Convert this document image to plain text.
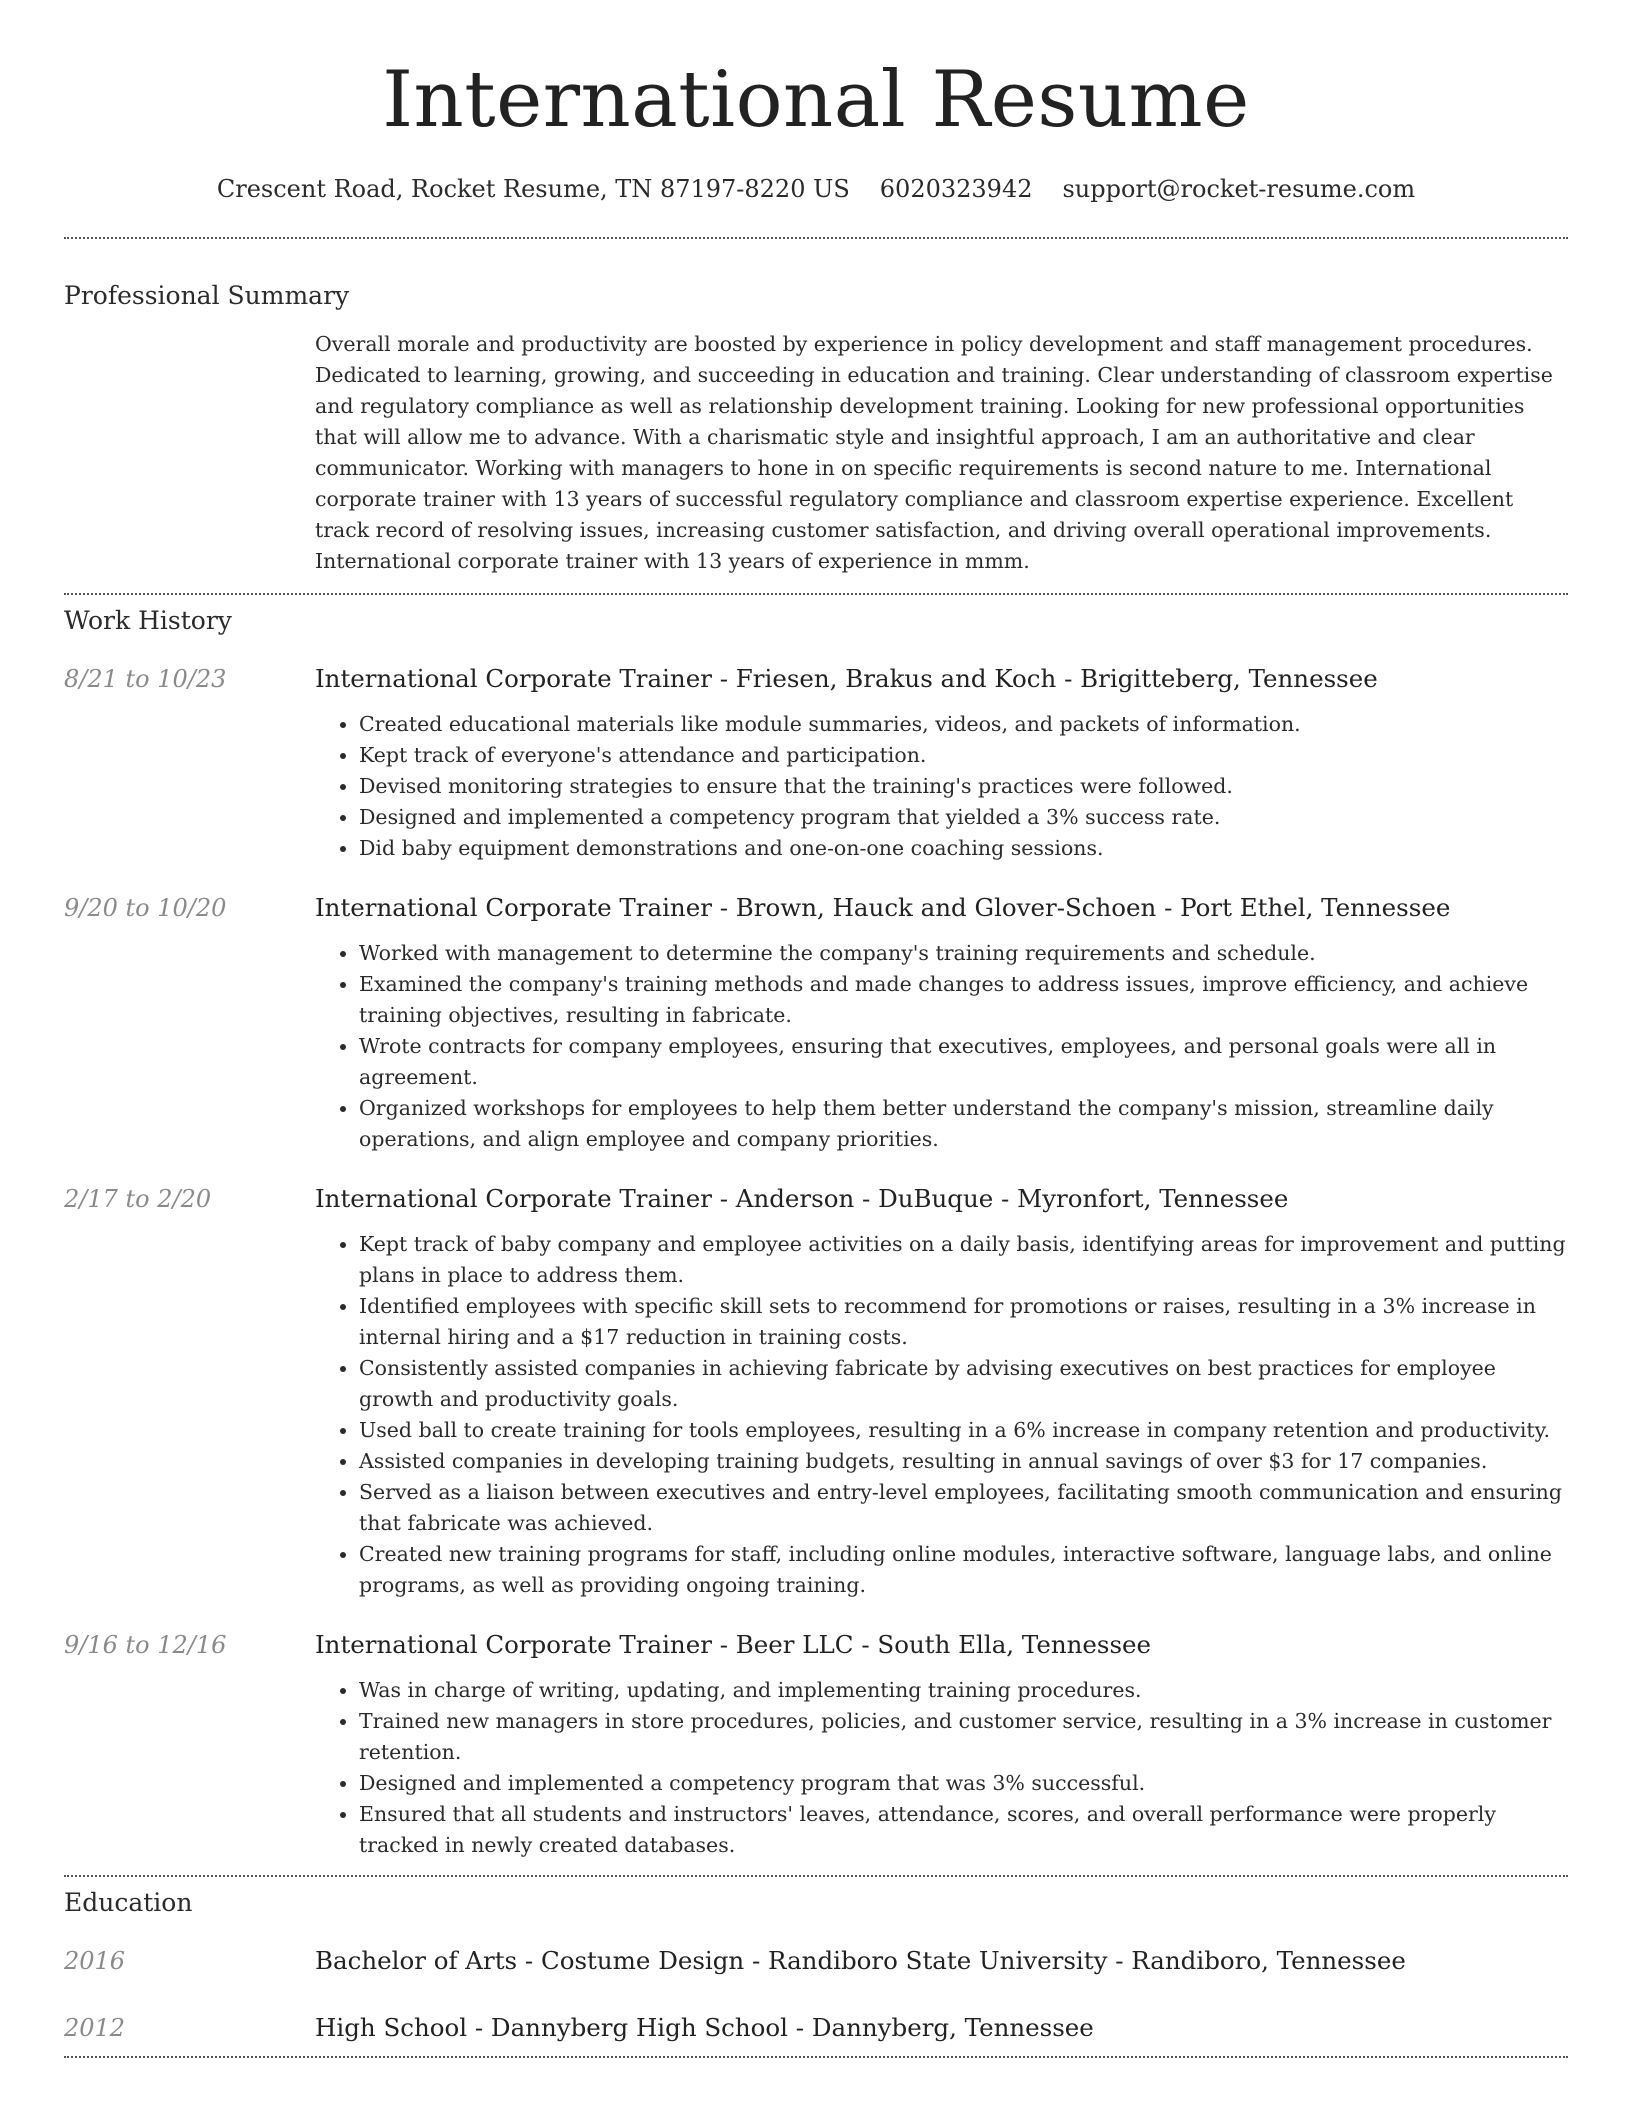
International Resume
Crescent Road, Rocket Resume, TN 87197-8220 US 6020323942 support@rocket-resume.com
Professional Summary

Overall morale and productivity are boosted by experience in policy development and staff management procedures. Dedicated to learning, growing, and succeeding in education and training. Clear understanding of classroom expertise and regulatory compliance as well as relationship development training. Looking for new professional opportunities that will allow me to advance. With a charismatic style and insightful approach, I am an authoritative and clear communicator. Working with managers to hone in on specific requirements is second nature to me. International corporate trainer with 13 years of successful regulatory compliance and classroom expertise experience. Excellent track record of resolving issues, increasing customer satisfaction, and driving overall operational improvements. International corporate trainer with 13 years of experience in mmm.

Work History
8/21 to 10/23	International Corporate Trainer - Friesen, Brakus and Koch - Brigitteberg, Tennessee
• Created educational materials like module summaries, videos, and packets of information.
• Kept track of everyone's attendance and participation.
• Devised monitoring strategies to ensure that the training's practices were followed.
• Designed and implemented a competency program that yielded a 3% success rate.
• Did baby equipment demonstrations and one-on-one coaching sessions.
9/20 to 10/20	International Corporate Trainer - Brown, Hauck and Glover-Schoen - Port Ethel, Tennessee
• Worked with management to determine the company's training requirements and schedule.
• Examined the company's training methods and made changes to address issues, improve efficiency, and achieve training objectives, resulting in fabricate.
• Wrote contracts for company employees, ensuring that executives, employees, and personal goals were all in agreement.
• Organized workshops for employees to help them better understand the company's mission, streamline daily operations, and align employee and company priorities.
2/17 to 2/20	International Corporate Trainer - Anderson - DuBuque - Myronfort, Tennessee
• Kept track of baby company and employee activities on a daily basis, identifying areas for improvement and putting plans in place to address them.
• Identified employees with specific skill sets to recommend for promotions or raises, resulting in a 3% increase in internal hiring and a $17 reduction in training costs.
• Consistently assisted companies in achieving fabricate by advising executives on best practices for employee growth and productivity goals.
• Used ball to create training for tools employees, resulting in a 6% increase in company retention and productivity.
• Assisted companies in developing training budgets, resulting in annual savings of over $3 for 17 companies.
• Served as a liaison between executives and entry-level employees, facilitating smooth communication and ensuring that fabricate was achieved.
• Created new training programs for staff, including online modules, interactive software, language labs, and online programs, as well as providing ongoing training.
9/16 to 12/16	International Corporate Trainer - Beer LLC - South Ella, Tennessee
• Was in charge of writing, updating, and implementing training procedures.
• Trained new managers in store procedures, policies, and customer service, resulting in a 3% increase in customer retention.
• Designed and implemented a competency program that was 3% successful.
• Ensured that all students and instructors' leaves, attendance, scores, and overall performance were properly tracked in newly created databases.
Education
2016	Bachelor of Arts - Costume Design - Randiboro State University - Randiboro, Tennessee
2012	High School - Dannyberg High School - Dannyberg, Tennessee
